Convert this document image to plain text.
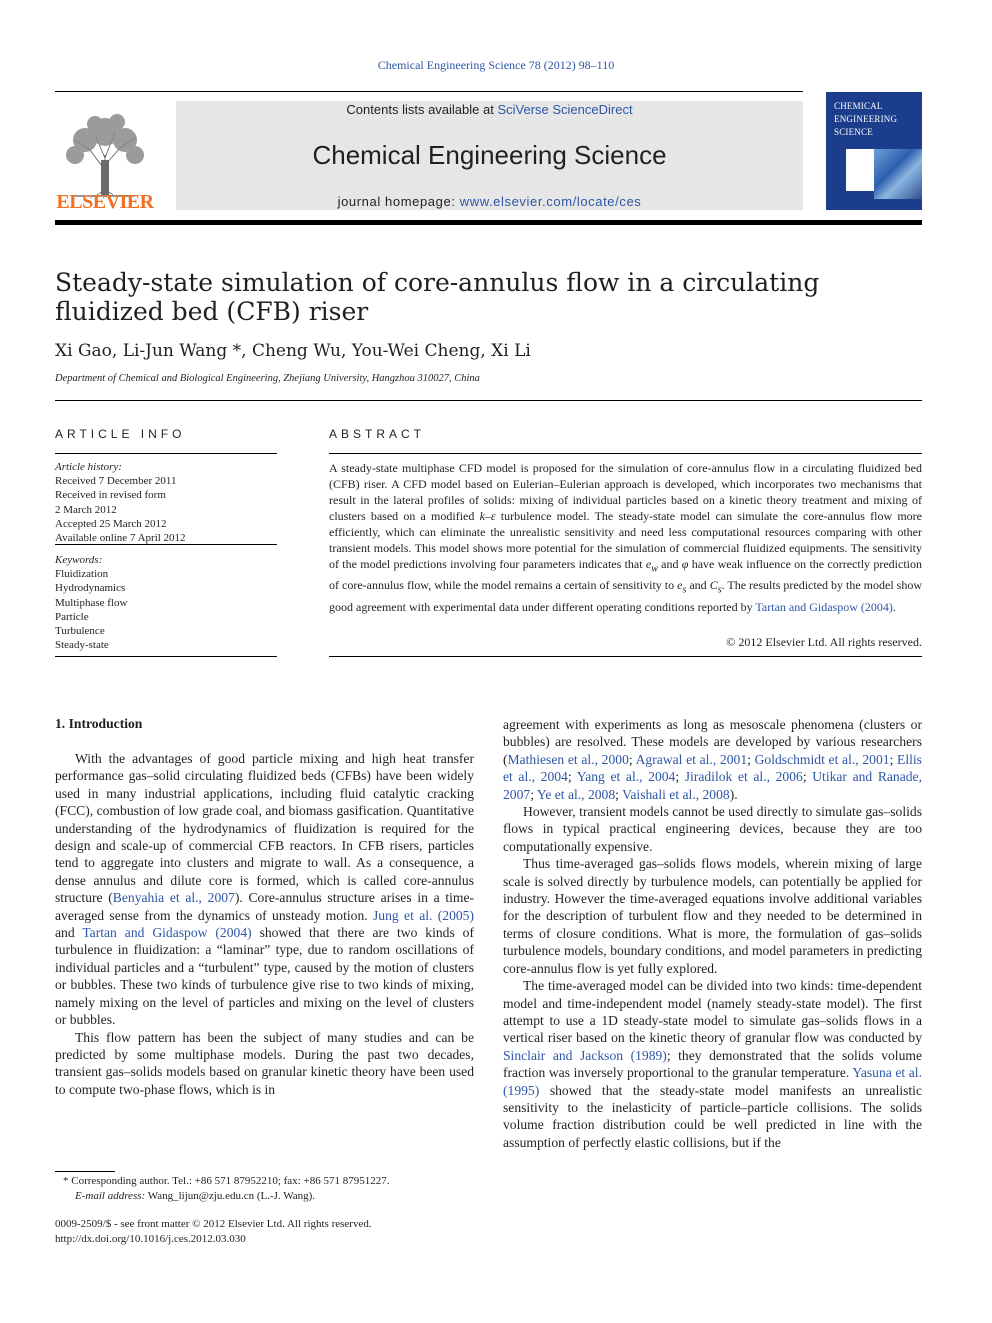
Chemical Engineering Science 78 (2012) 98–110
ELSEVIER
Contents lists available at SciVerse ScienceDirect
Chemical Engineering Science
journal homepage: www.elsevier.com/locate/ces
CHEMICAL ENGINEERING SCIENCE
Steady-state simulation of core-annulus flow in a circulating fluidized bed (CFB) riser
Xi Gao, Li-Jun Wang *, Cheng Wu, You-Wei Cheng, Xi Li
Department of Chemical and Biological Engineering, Zhejiang University, Hangzhou 310027, China
ARTICLE INFO	ABSTRACT
Article history:
Received 7 December 2011
Received in revised form
2 March 2012
Accepted 25 March 2012
Available online 7 April 2012
Keywords:
Fluidization
Hydrodynamics
Multiphase flow
Particle
Turbulence
Steady-state
A steady-state multiphase CFD model is proposed for the simulation of core-annulus flow in a circulating fluidized bed (CFB) riser. A CFD model based on Eulerian–Eulerian approach is developed, which incorporates two mechanisms that result in the lateral profiles of solids: mixing of individual particles based on a kinetic theory treatment and mixing of clusters based on a modified k–ε turbulence model. The steady-state model can simulate the core-annulus flow more efficiently, which can eliminate the unrealistic sensitivity and need less computational resources comparing with other transient models. This model shows more potential for the simulation of commercial fluidized equipments. The sensitivity of the model predictions involving four parameters indicates that $e_w$ and φ have weak influence on the correctly prediction of core-annulus flow, while the model remains a certain of sensitivity to $e_s$ and $C_s$. The results predicted by the model show good agreement with experimental data under different operating conditions reported by Tartan and Gidaspow (2004).
© 2012 Elsevier Ltd. All rights reserved.
1. Introduction

With the advantages of good particle mixing and high heat transfer performance gas–solid circulating fluidized beds (CFBs) have been widely used in many industrial applications, including fluid catalytic cracking (FCC), combustion of low grade coal, and biomass gasification. Quantitative understanding of the hydrodynamics of fluidization is required for the design and scale-up of commercial CFB reactors. In CFB risers, particles tend to aggregate into clusters and migrate to wall. As a consequence, a dense annulus and dilute core is formed, which is called core-annulus structure (Benyahia et al., 2007). Core-annulus structure arises in a time-averaged sense from the dynamics of unsteady motion. Jung et al. (2005) and Tartan and Gidaspow (2004) showed that there are two kinds of turbulence in fluidization: a “laminar” type, due to random oscillations of individual particles and a “turbulent” type, caused by the motion of clusters or bubbles. These two kinds of turbulence give rise to two kinds of mixing, namely mixing on the level of particles and mixing on the level of clusters or bubbles.

This flow pattern has been the subject of many studies and can be predicted by some multiphase models. During the past two decades, transient gas–solids models based on granular kinetic theory have been used to compute two-phase flows, which is in

agreement with experiments as long as mesoscale phenomena (clusters or bubbles) are resolved. These models are developed by various researchers (Mathiesen et al., 2000; Agrawal et al., 2001; Goldschmidt et al., 2001; Ellis et al., 2004; Yang et al., 2004; Jiradilok et al., 2006; Utikar and Ranade, 2007; Ye et al., 2008; Vaishali et al., 2008).

However, transient models cannot be used directly to simulate gas–solids flows in typical practical engineering devices, because they are too computationally expensive.

Thus time-averaged gas–solids flows models, wherein mixing of large scale is solved directly by turbulence models, can potentially be applied for industry. However the time-averaged equations involve additional variables for the description of turbulent flow and they needed to be determined in terms of closure conditions. What is more, the formulation of gas–solids turbulence models, boundary conditions, and model parameters in predicting core-annulus flow is yet fully explored.

The time-averaged model can be divided into two kinds: time-dependent model and time-independent model (namely steady-state model). The first attempt to use a 1D steady-state model to simulate gas–solids flows in a vertical riser based on the kinetic theory of granular flow was conducted by Sinclair and Jackson (1989); they demonstrated that the solids volume fraction was inversely proportional to the granular temperature. Yasuna et al. (1995) showed that the steady-state model manifests an unrealistic sensitivity to the inelasticity of particle–particle collisions. The solids volume fraction distribution could be well predicted in line with the assumption of perfectly elastic collisions, but if the

* Corresponding author. Tel.: +86 571 87952210; fax: +86 571 87951227.
E-mail address: Wang_lijun@zju.edu.cn (L.-J. Wang).
0009-2509/$ - see front matter © 2012 Elsevier Ltd. All rights reserved.
http://dx.doi.org/10.1016/j.ces.2012.03.030
